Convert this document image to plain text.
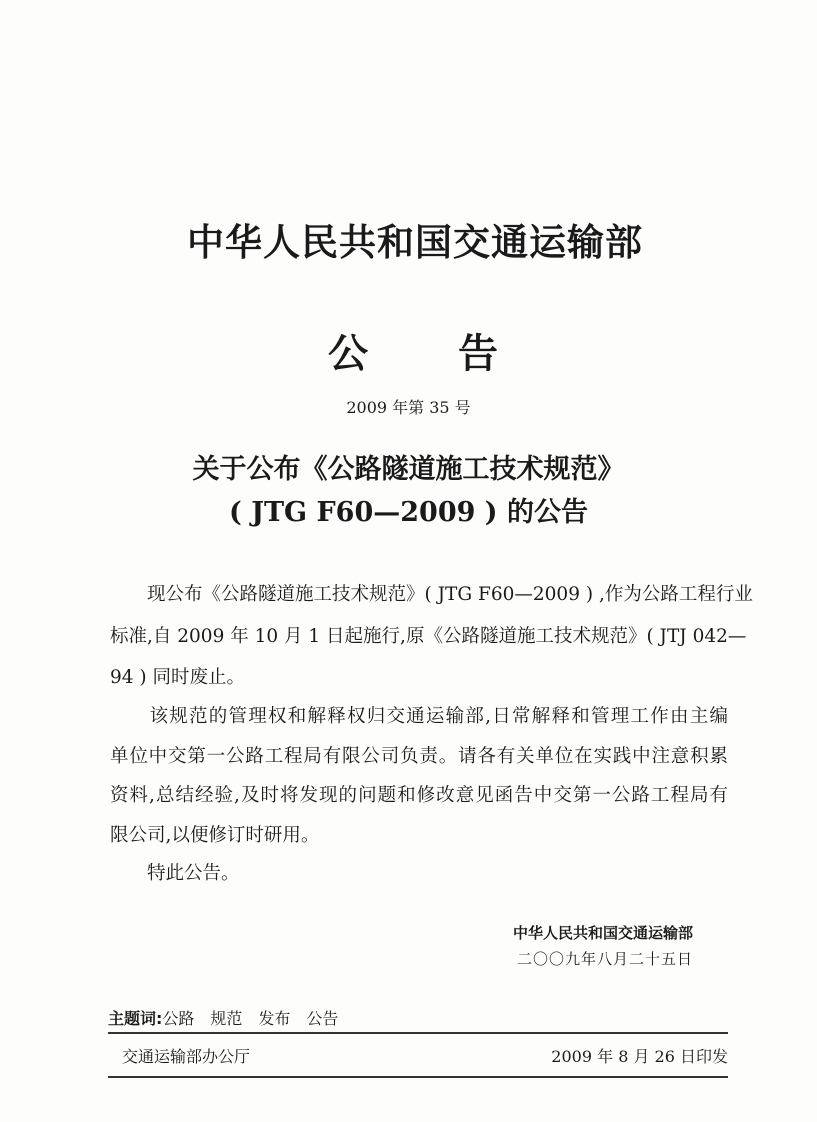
中华人民共和国交通运输部
公 告
2009 年第 35 号
关于公布《公路隧道施工技术规范》
( JTG F60—2009 ) 的公告
　　现公布《公路隧道施工技术规范》( JTG F60—2009 ) ,作为公路工程行业
标准,自 2009 年 10 月 1 日起施行,原《公路隧道施工技术规范》( JTJ 042—
94 ) 同时废止。
　　该规范的管理权和解释权归交通运输部,日常解释和管理工作由主编
单位中交第一公路工程局有限公司负责。请各有关单位在实践中注意积累
资料,总结经验,及时将发现的问题和修改意见函告中交第一公路工程局有
限公司,以便修订时研用。
　　特此公告。
中华人民共和国交通运输部
二〇〇九年八月二十五日
主题词:公路　规范　发布　公告
交通运输部办公厅	2009 年 8 月 26 日印发
